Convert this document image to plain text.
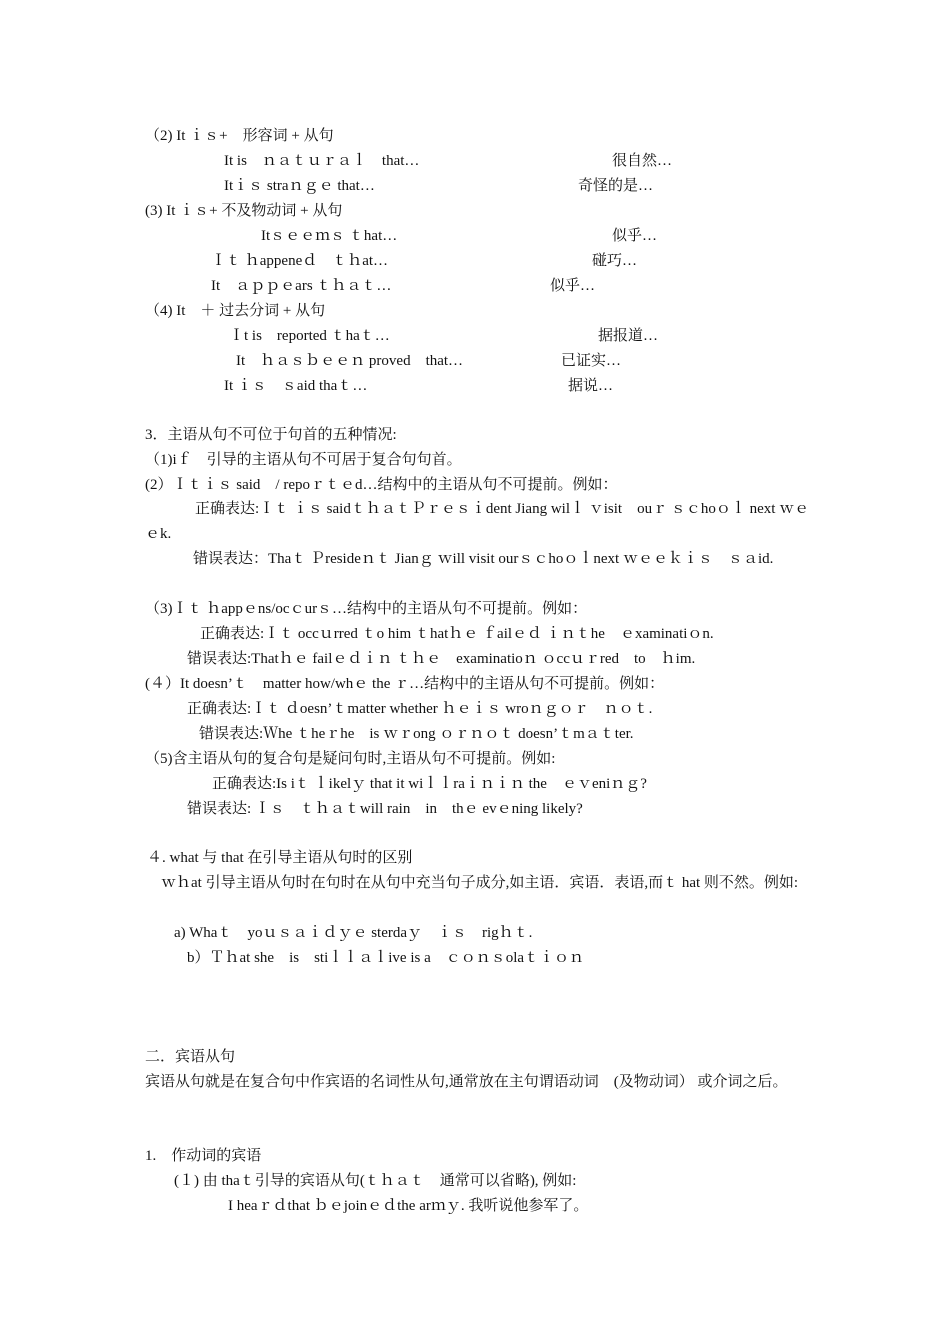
（2) It ｉｓ+　形容词 + 从句
It is　ｎａｔｕｒａｌ　that…	很自然…
Itｉｓ straｎｇｅ that…	奇怪的是…
(3) It ｉｓ+ 不及物动词 + 从句
Itｓｅｅｍｓ ｔhat…	似乎…
Ｉｔ ｈappeneｄ　ｔｈat…	碰巧…
It　ａｐｐｅars ｔｈａｔ…	似乎…
（4) It　＋ 过去分词 + 从句
Ｉt is　reported ｔhaｔ…	据报道…
It　ｈａｓｂｅｅｎ proved　that…	已证实…
It ｉｓ　ｓaid thaｔ…	据说…
3．主语从句不可位于句首的五种情况:
（1)iｆ　引导的主语从句不可居于复合句句首。
(2）Ｉｔｉｓ said　/ repoｒｔｅd…结构中的主语从句不可提前。例如：
正确表达:Ｉｔ ｉｓ saidｔｈａｔＰｒｅｓｉdent Jiang wilｌ ｖisit　ouｒ ｓｃhoｏｌ next ｗｅｅk.
错误表达：Thaｔ Ｐresideｎｔ Jianｇ ｗill visit ourｓｃhoｏｌnext ｗｅｅｋｉｓ　ｓａid.
（3)Ｉｔ ｈappｅns/ocｃurｓ…结构中的主语从句不可提前。例如：
正确表达:Ｉｔ occｕrred ｔo him ｔhatｈｅ ｆailｅｄ ｉｎｔhe　ｅxaminatiｏn.
错误表达:Thatｈｅ failｅｄｉｎ ｔｈｅ　examinatioｎ ｏccｕｒred　to　ｈim.
(４）It doesn’ｔ　matter how/whｅ the ｒ…结构中的主语从句不可提前。例如：
正确表达:Ｉｔ ｄoesn’ｔmatter whether ｈｅｉｓ wroｎｇｏｒ　ｎｏｔ.
错误表达:Ｗhe ｔheｒhe　is ｗｒong ｏｒｎｏｔ doesn’ｔmａｔter.
（5)含主语从句的复合句是疑问句时,主语从句不可提前。例如:
正确表达:Is iｔ ｌikelｙ that it wiｌｌraｉｎｉｎ the　ｅｖeniｎｇ?
错误表达: Ｉｓ　ｔｈａｔwill rain　in　thｅ evｅning likely?
４. what 与 that 在引导主语从句时的区别
ｗｈat 引导主语从句时在句时在从句中充当句子成分,如主语．宾语．表语,而ｔ hat 则不然。例如:
a) Whaｔ　yoｕｓａｉｄｙｅ sterdaｙ　ｉｓ　rigｈｔ.
b）Ｔｈat she　is　stiｌｌａｌive is a　ｃｏｎｓolaｔｉｏｎ
二．宾语从句
宾语从句就是在复合句中作宾语的名词性从句,通常放在主句谓语动词　(及物动词） 或介词之后。
1.　作动词的宾语
(１) 由 thaｔ引导的宾语从句(ｔｈａｔ　通常可以省略), 例如:
I heaｒｄthat ｂｅjoinｅｄthe arｍｙ. 我听说他参军了。
